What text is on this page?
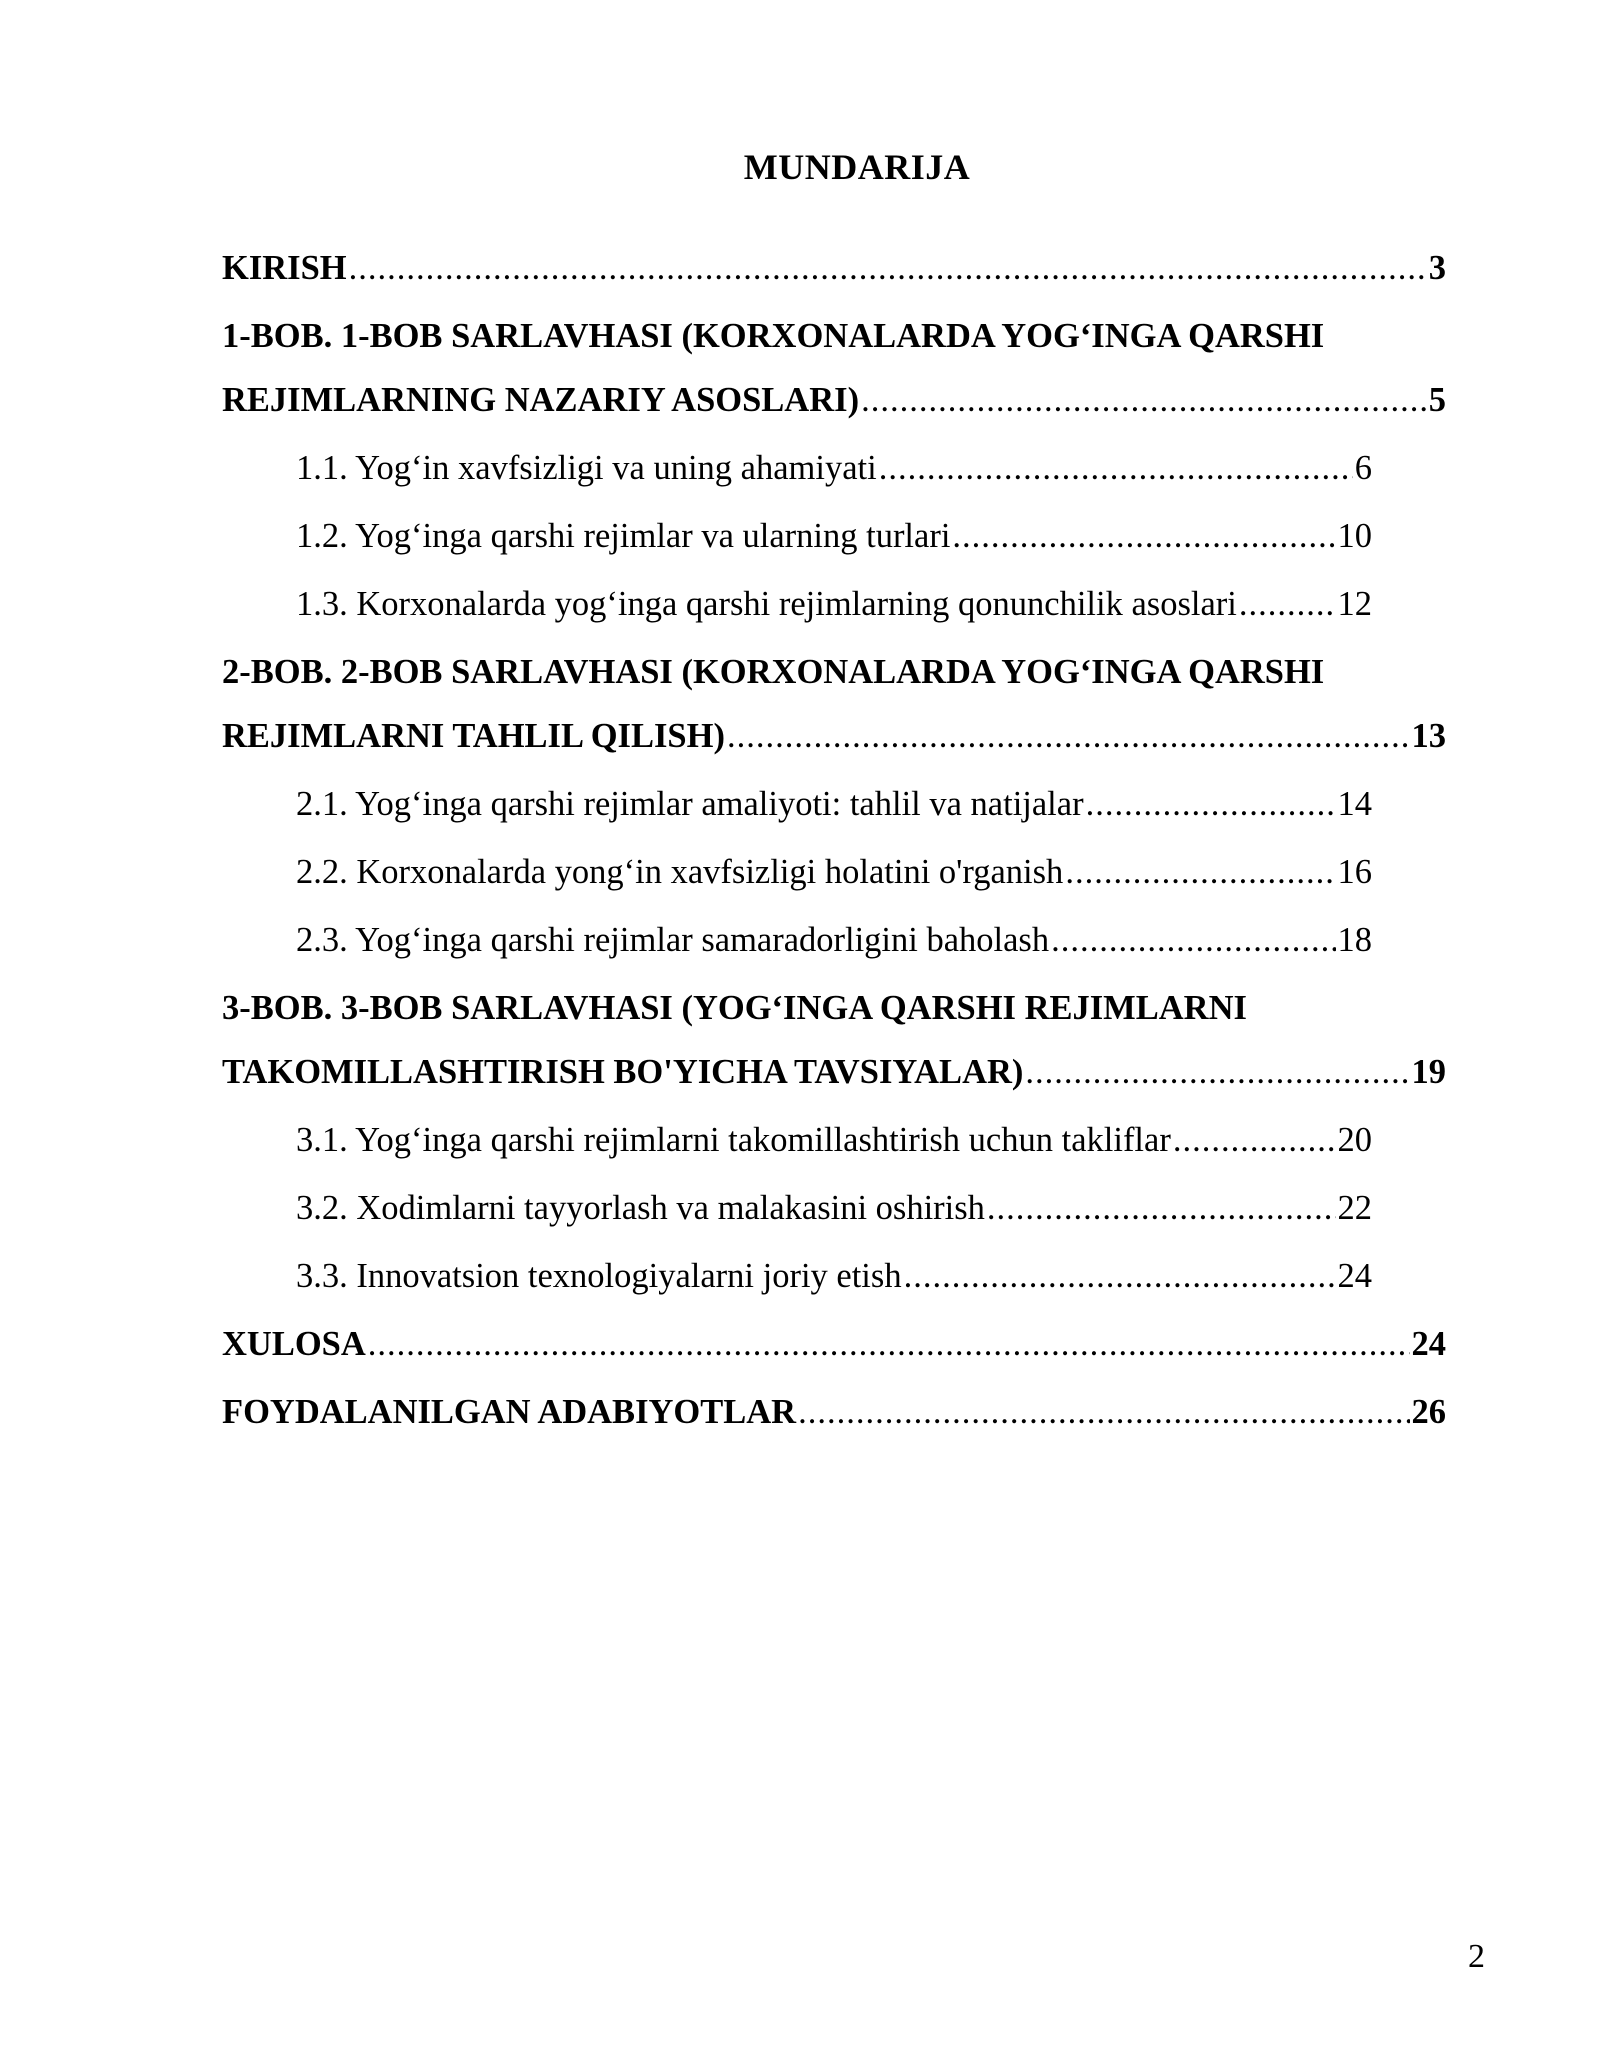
MUNDARIJA
KIRISH .....	3
1-BOB. 1-BOB SARLAVHASI (KORXONALARDA YOG‘INGA QARSHI
REJIMLARNING NAZARIY ASOSLARI) .....	5
1.1. Yog‘in xavfsizligi va uning ahamiyati .....	6
1.2. Yog‘inga qarshi rejimlar va ularning turlari .....	10
1.3. Korxonalarda yog‘inga qarshi rejimlarning qonunchilik asoslari .....	12
2-BOB. 2-BOB SARLAVHASI (KORXONALARDA YOG‘INGA QARSHI
REJIMLARNI TAHLIL QILISH) .....	13
2.1. Yog‘inga qarshi rejimlar amaliyoti: tahlil va natijalar .....	14
2.2. Korxonalarda yong‘in xavfsizligi holatini o'rganish .....	16
2.3. Yog‘inga qarshi rejimlar samaradorligini baholash .....	18
3-BOB. 3-BOB SARLAVHASI (YOG‘INGA QARSHI REJIMLARNI
TAKOMILLASHTIRISH BO'YICHA TAVSIYALAR) .....	19
3.1. Yog‘inga qarshi rejimlarni takomillashtirish uchun takliflar .....	20
3.2. Xodimlarni tayyorlash va malakasini oshirish .....	22
3.3. Innovatsion texnologiyalarni joriy etish .....	24
XULOSA .....	24
FOYDALANILGAN ADABIYOTLAR .....	26
2
